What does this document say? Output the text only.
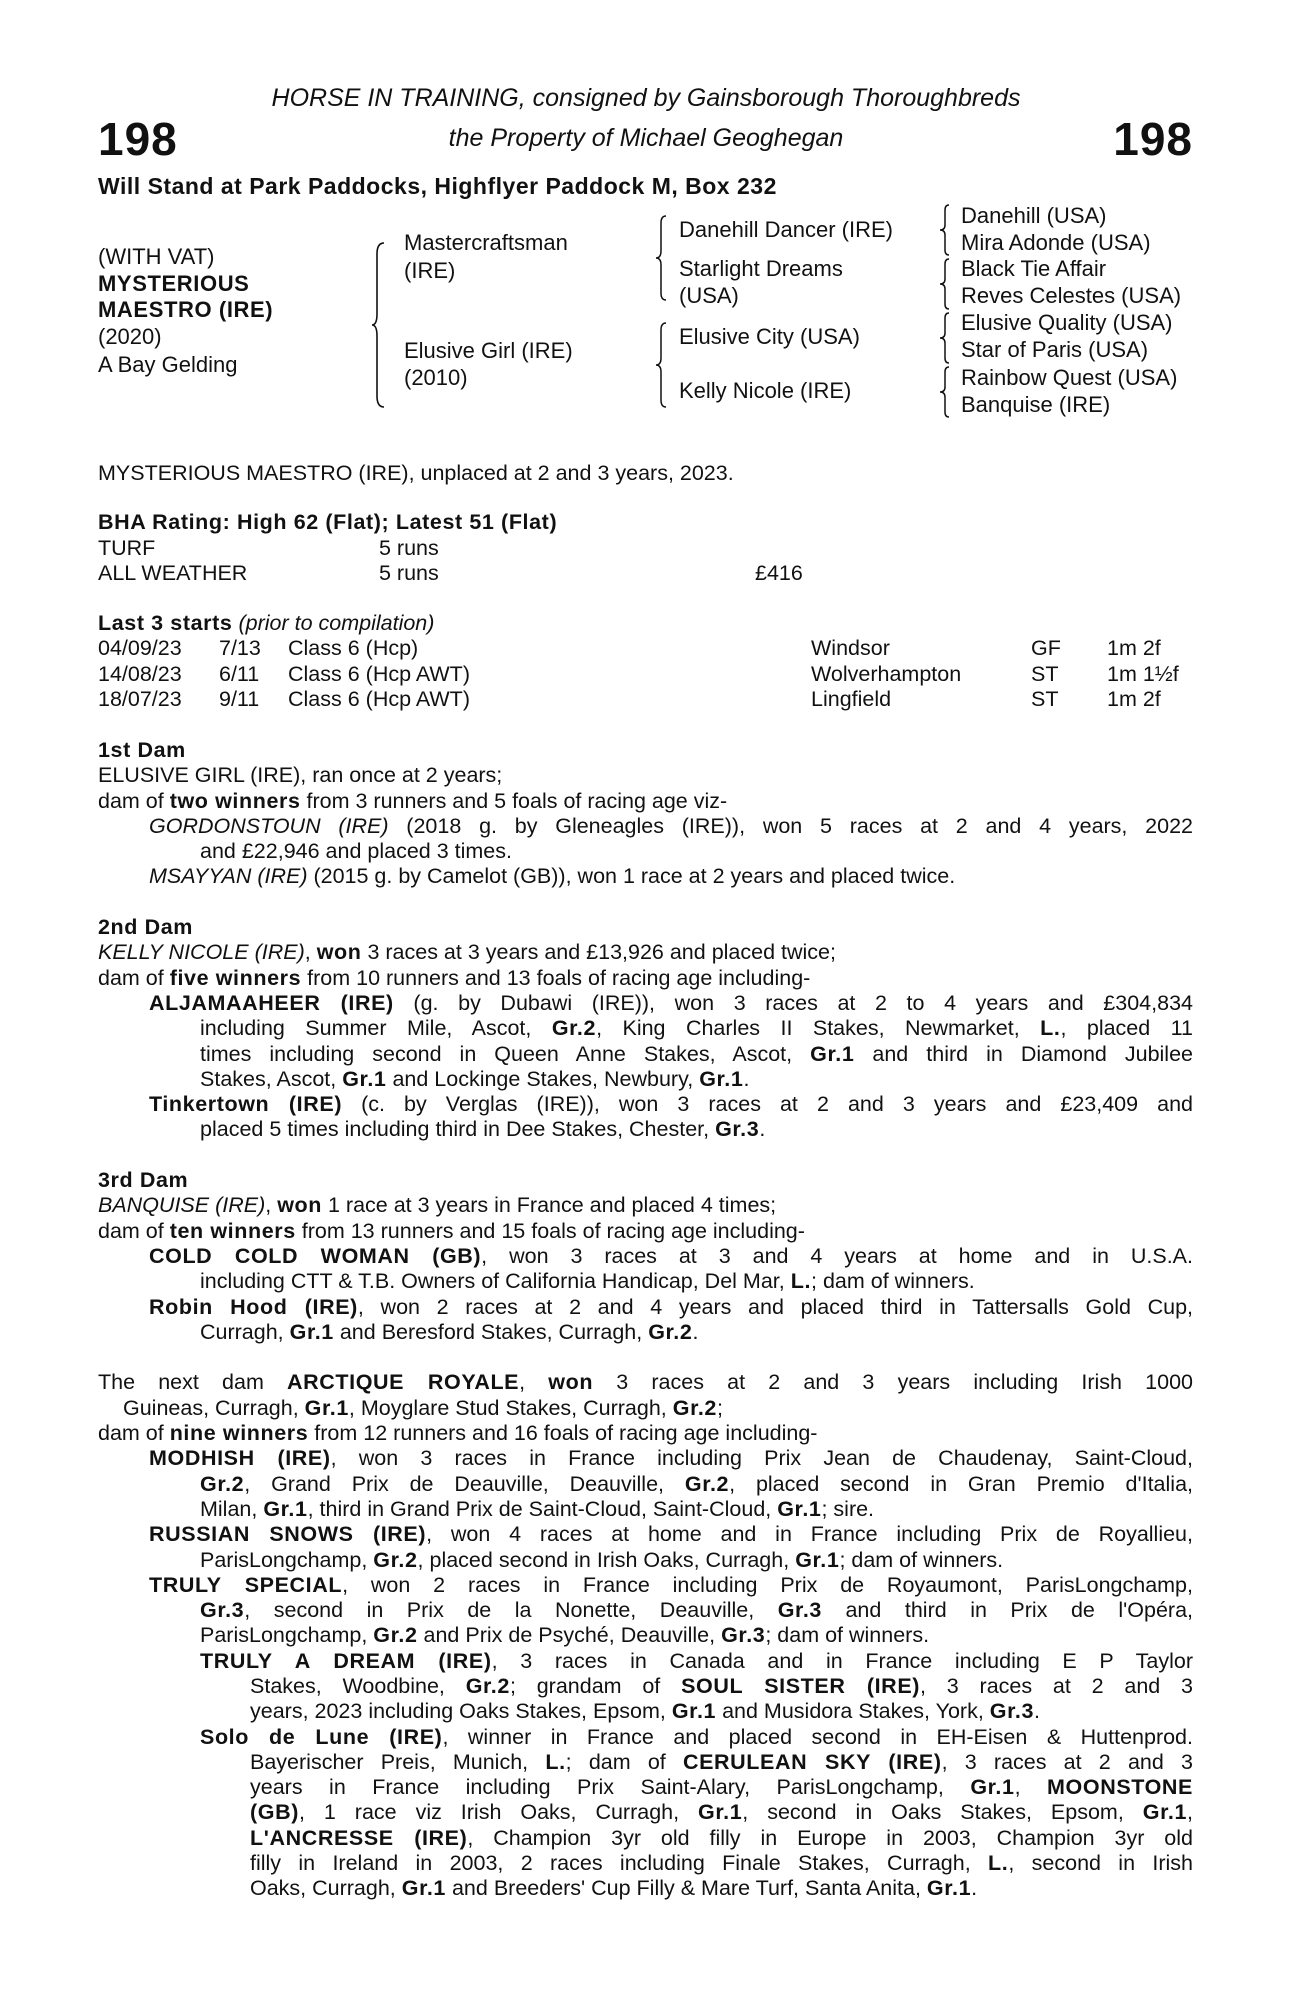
HORSE IN TRAINING, consigned by Gainsborough Thoroughbreds
the Property of Michael Geoghegan
198	198
Will Stand at Park Paddocks, Highflyer Paddock M, Box 232
(WITH VAT)
MYSTERIOUS
MAESTRO (IRE)
(2020)
A Bay Gelding
Mastercraftsman
(IRE)
Elusive Girl (IRE)
(2010)
Danehill Dancer (IRE)
Starlight Dreams
(USA)
Elusive City (USA)
Kelly Nicole (IRE)
Danehill (USA)
Mira Adonde (USA)
Black Tie Affair
Reves Celestes (USA)
Elusive Quality (USA)
Star of Paris (USA)
Rainbow Quest (USA)
Banquise (IRE)
MYSTERIOUS MAESTRO (IRE), unplaced at 2 and 3 years, 2023.
BHA Rating: High 62 (Flat); Latest 51 (Flat)
TURF	5 runs
ALL WEATHER	5 runs	£416
Last 3 starts (prior to compilation)
04/09/23 7/13 Class 6 (Hcp)	Windsor	GF 1m 2f
14/08/23 6/11 Class 6 (Hcp AWT)	Wolverhampton	ST 1m 1½f
18/07/23 9/11 Class 6 (Hcp AWT)	Lingfield	ST 1m 2f
1st Dam
ELUSIVE GIRL (IRE), ran once at 2 years;
dam of two winners from 3 runners and 5 foals of racing age viz-
GORDONSTOUN (IRE) (2018 g. by Gleneagles (IRE)), won 5 races at 2 and 4 years, 2022
and £22,946 and placed 3 times.
MSAYYAN (IRE) (2015 g. by Camelot (GB)), won 1 race at 2 years and placed twice.
2nd Dam
KELLY NICOLE (IRE), won 3 races at 3 years and £13,926 and placed twice;
dam of five winners from 10 runners and 13 foals of racing age including-
ALJAMAAHEER (IRE) (g. by Dubawi (IRE)), won 3 races at 2 to 4 years and £304,834
including Summer Mile, Ascot, Gr.2, King Charles II Stakes, Newmarket, L., placed 11
times including second in Queen Anne Stakes, Ascot, Gr.1 and third in Diamond Jubilee
Stakes, Ascot, Gr.1 and Lockinge Stakes, Newbury, Gr.1.
Tinkertown (IRE) (c. by Verglas (IRE)), won 3 races at 2 and 3 years and £23,409 and
placed 5 times including third in Dee Stakes, Chester, Gr.3.
3rd Dam
BANQUISE (IRE), won 1 race at 3 years in France and placed 4 times;
dam of ten winners from 13 runners and 15 foals of racing age including-
COLD COLD WOMAN (GB), won 3 races at 3 and 4 years at home and in U.S.A.
including CTT & T.B. Owners of California Handicap, Del Mar, L.; dam of winners.
Robin Hood (IRE), won 2 races at 2 and 4 years and placed third in Tattersalls Gold Cup,
Curragh, Gr.1 and Beresford Stakes, Curragh, Gr.2.
The next dam ARCTIQUE ROYALE, won 3 races at 2 and 3 years including Irish 1000
Guineas, Curragh, Gr.1, Moyglare Stud Stakes, Curragh, Gr.2;
dam of nine winners from 12 runners and 16 foals of racing age including-
MODHISH (IRE), won 3 races in France including Prix Jean de Chaudenay, Saint-Cloud,
Gr.2, Grand Prix de Deauville, Deauville, Gr.2, placed second in Gran Premio d'Italia,
Milan, Gr.1, third in Grand Prix de Saint-Cloud, Saint-Cloud, Gr.1; sire.
RUSSIAN SNOWS (IRE), won 4 races at home and in France including Prix de Royallieu,
ParisLongchamp, Gr.2, placed second in Irish Oaks, Curragh, Gr.1; dam of winners.
TRULY SPECIAL, won 2 races in France including Prix de Royaumont, ParisLongchamp,
Gr.3, second in Prix de la Nonette, Deauville, Gr.3 and third in Prix de l'Opéra,
ParisLongchamp, Gr.2 and Prix de Psyché, Deauville, Gr.3; dam of winners.
TRULY A DREAM (IRE), 3 races in Canada and in France including E P Taylor
Stakes, Woodbine, Gr.2; grandam of SOUL SISTER (IRE), 3 races at 2 and 3
years, 2023 including Oaks Stakes, Epsom, Gr.1 and Musidora Stakes, York, Gr.3.
Solo de Lune (IRE), winner in France and placed second in EH-Eisen & Huttenprod.
Bayerischer Preis, Munich, L.; dam of CERULEAN SKY (IRE), 3 races at 2 and 3
years in France including Prix Saint-Alary, ParisLongchamp, Gr.1, MOONSTONE
(GB), 1 race viz Irish Oaks, Curragh, Gr.1, second in Oaks Stakes, Epsom, Gr.1,
L'ANCRESSE (IRE), Champion 3yr old filly in Europe in 2003, Champion 3yr old
filly in Ireland in 2003, 2 races including Finale Stakes, Curragh, L., second in Irish
Oaks, Curragh, Gr.1 and Breeders' Cup Filly & Mare Turf, Santa Anita, Gr.1.
